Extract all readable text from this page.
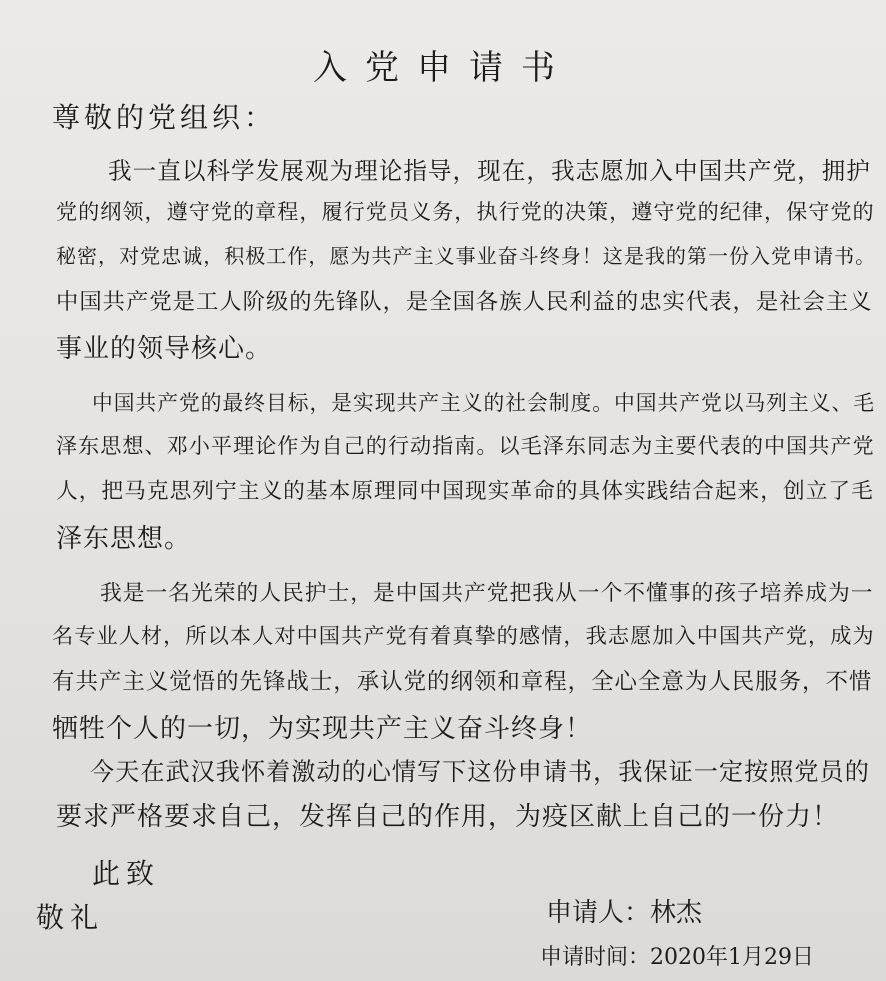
入党申请书
尊敬的党组织：
我一直以科学发展观为理论指导，现在，我志愿加入中国共产党，拥护
党的纲领，遵守党的章程，履行党员义务，执行党的决策，遵守党的纪律，保守党的
秘密，对党忠诚，积极工作，愿为共产主义事业奋斗终身！这是我的第一份入党申请书。
中国共产党是工人阶级的先锋队，是全国各族人民利益的忠实代表，是社会主义
事业的领导核心。
中国共产党的最终目标，是实现共产主义的社会制度。中国共产党以马列主义、毛
泽东思想、邓小平理论作为自己的行动指南。以毛泽东同志为主要代表的中国共产党
人，把马克思列宁主义的基本原理同中国现实革命的具体实践结合起来，创立了毛
泽东思想。
我是一名光荣的人民护士，是中国共产党把我从一个不懂事的孩子培养成为一
名专业人材，所以本人对中国共产党有着真挚的感情，我志愿加入中国共产党，成为
有共产主义觉悟的先锋战士，承认党的纲领和章程，全心全意为人民服务，不惜
牺牲个人的一切，为实现共产主义奋斗终身！
今天在武汉我怀着激动的心情写下这份申请书，我保证一定按照党员的
要求严格要求自己，发挥自己的作用，为疫区献上自己的一份力！
此致
敬礼	申请人：林杰
申请时间：2020年1月29日
